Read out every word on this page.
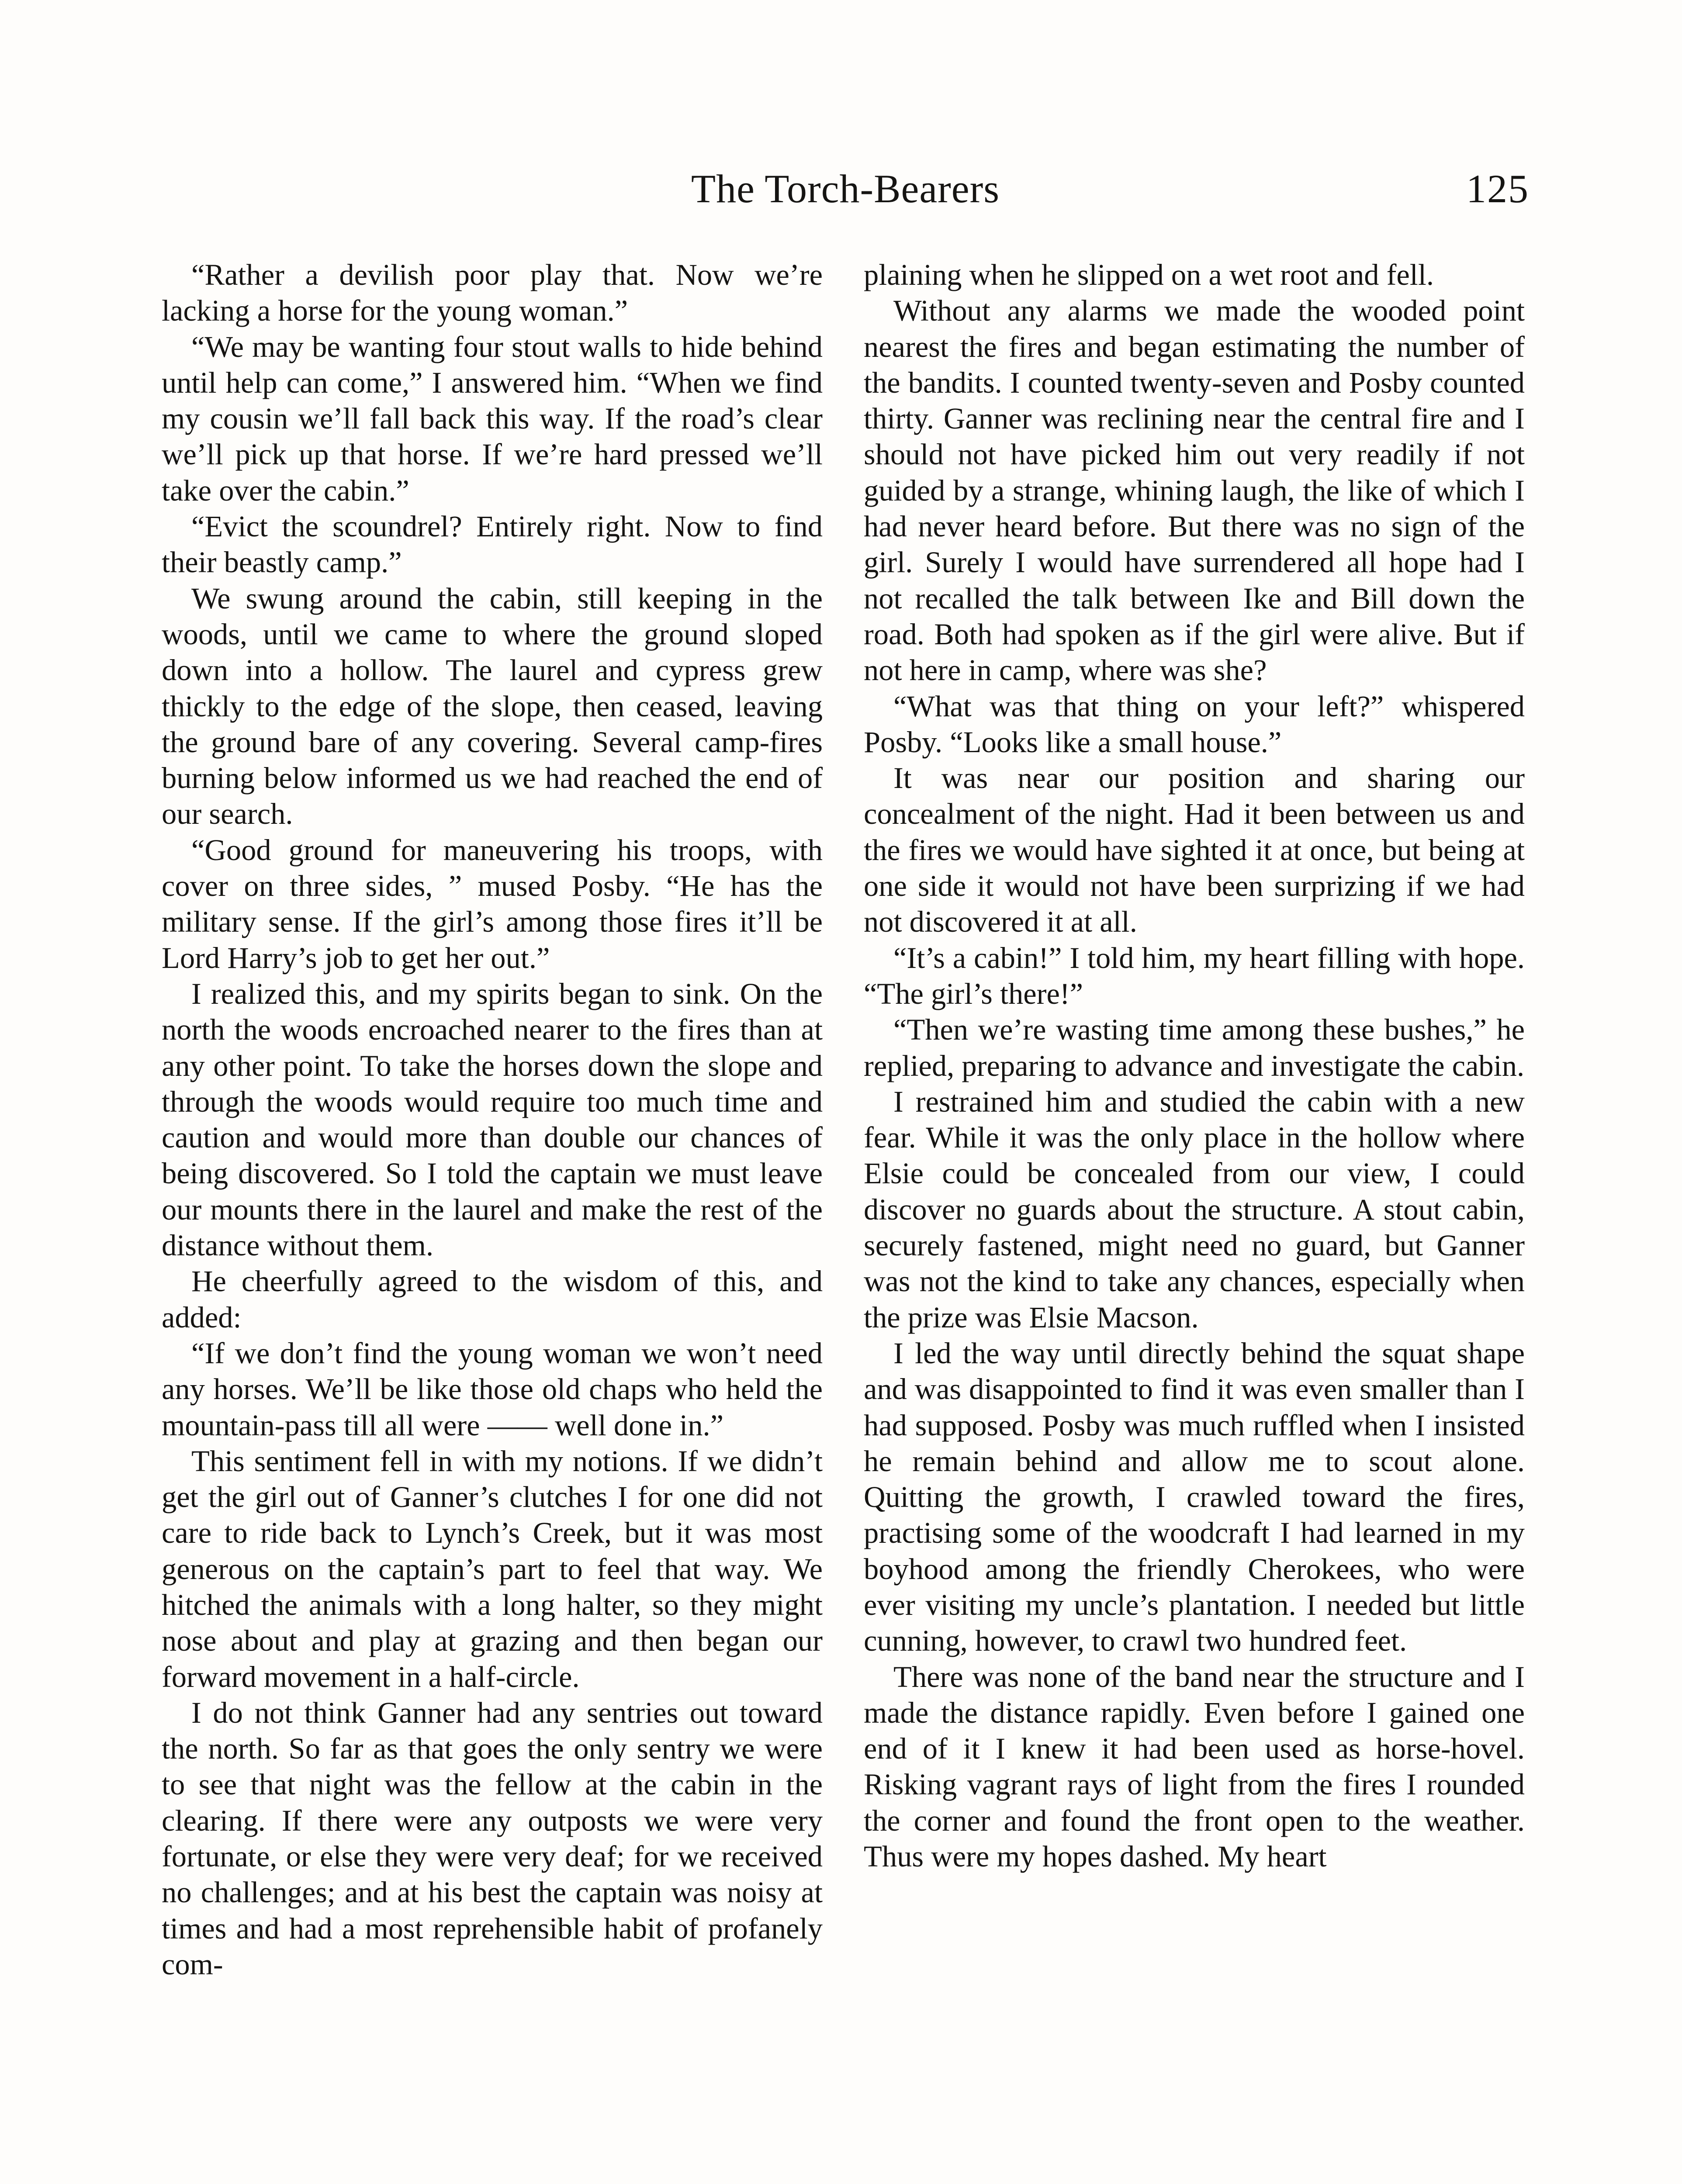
The Torch-Bearers	125

“Rather a devilish poor play that. Now we’re lacking a horse for the young woman.”

“We may be wanting four stout walls to hide behind until help can come,” I answered him. “When we find my cousin we’ll fall back this way. If the road’s clear we’ll pick up that horse. If we’re hard pressed we’ll take over the cabin.”

“Evict the scoundrel? Entirely right. Now to find their beastly camp.”

We swung around the cabin, still keeping in the woods, until we came to where the ground sloped down into a hollow. The laurel and cypress grew thickly to the edge of the slope, then ceased, leaving the ground bare of any covering. Several camp-fires burning below informed us we had reached the end of our search.

“Good ground for maneuvering his troops, with cover on three sides, ” mused Posby. “He has the military sense. If the girl’s among those fires it’ll be Lord Harry’s job to get her out.”

I realized this, and my spirits began to sink. On the north the woods encroached nearer to the fires than at any other point. To take the horses down the slope and through the woods would require too much time and caution and would more than double our chances of being discovered. So I told the captain we must leave our mounts there in the laurel and make the rest of the distance without them.

He cheerfully agreed to the wisdom of this, and added:

“If we don’t find the young woman we won’t need any horses. We’ll be like those old chaps who held the mountain-pass till all were —— well done in.”

This sentiment fell in with my notions. If we didn’t get the girl out of Ganner’s clutches I for one did not care to ride back to Lynch’s Creek, but it was most generous on the captain’s part to feel that way. We hitched the animals with a long halter, so they might nose about and play at grazing and then began our forward movement in a half-circle.

I do not think Ganner had any sentries out toward the north. So far as that goes the only sentry we were to see that night was the fellow at the cabin in the clearing. If there were any outposts we were very fortunate, or else they were very deaf; for we received no challenges; and at his best the captain was noisy at times and had a most reprehensible habit of profanely com-

plaining when he slipped on a wet root and fell.

Without any alarms we made the wooded point nearest the fires and began estimating the number of the bandits. I counted twenty-seven and Posby counted thirty. Ganner was reclining near the central fire and I should not have picked him out very readily if not guided by a strange, whining laugh, the like of which I had never heard before. But there was no sign of the girl. Surely I would have surrendered all hope had I not recalled the talk between Ike and Bill down the road. Both had spoken as if the girl were alive. But if not here in camp, where was she?

“What was that thing on your left?” whispered Posby. “Looks like a small house.”

It was near our position and sharing our concealment of the night. Had it been between us and the fires we would have sighted it at once, but being at one side it would not have been surprizing if we had not discovered it at all.

“It’s a cabin!” I told him, my heart filling with hope. “The girl’s there!”

“Then we’re wasting time among these bushes,” he replied, preparing to advance and investigate the cabin.

I restrained him and studied the cabin with a new fear. While it was the only place in the hollow where Elsie could be concealed from our view, I could discover no guards about the structure. A stout cabin, securely fastened, might need no guard, but Ganner was not the kind to take any chances, especially when the prize was Elsie Macson.

I led the way until directly behind the squat shape and was disappointed to find it was even smaller than I had supposed. Posby was much ruffled when I insisted he remain behind and allow me to scout alone. Quitting the growth, I crawled toward the fires, practising some of the woodcraft I had learned in my boyhood among the friendly Cherokees, who were ever visiting my uncle’s plantation. I needed but little cunning, however, to crawl two hundred feet.

There was none of the band near the structure and I made the distance rapidly. Even before I gained one end of it I knew it had been used as horse-hovel. Risking vagrant rays of light from the fires I rounded the corner and found the front open to the weather. Thus were my hopes dashed. My heart
